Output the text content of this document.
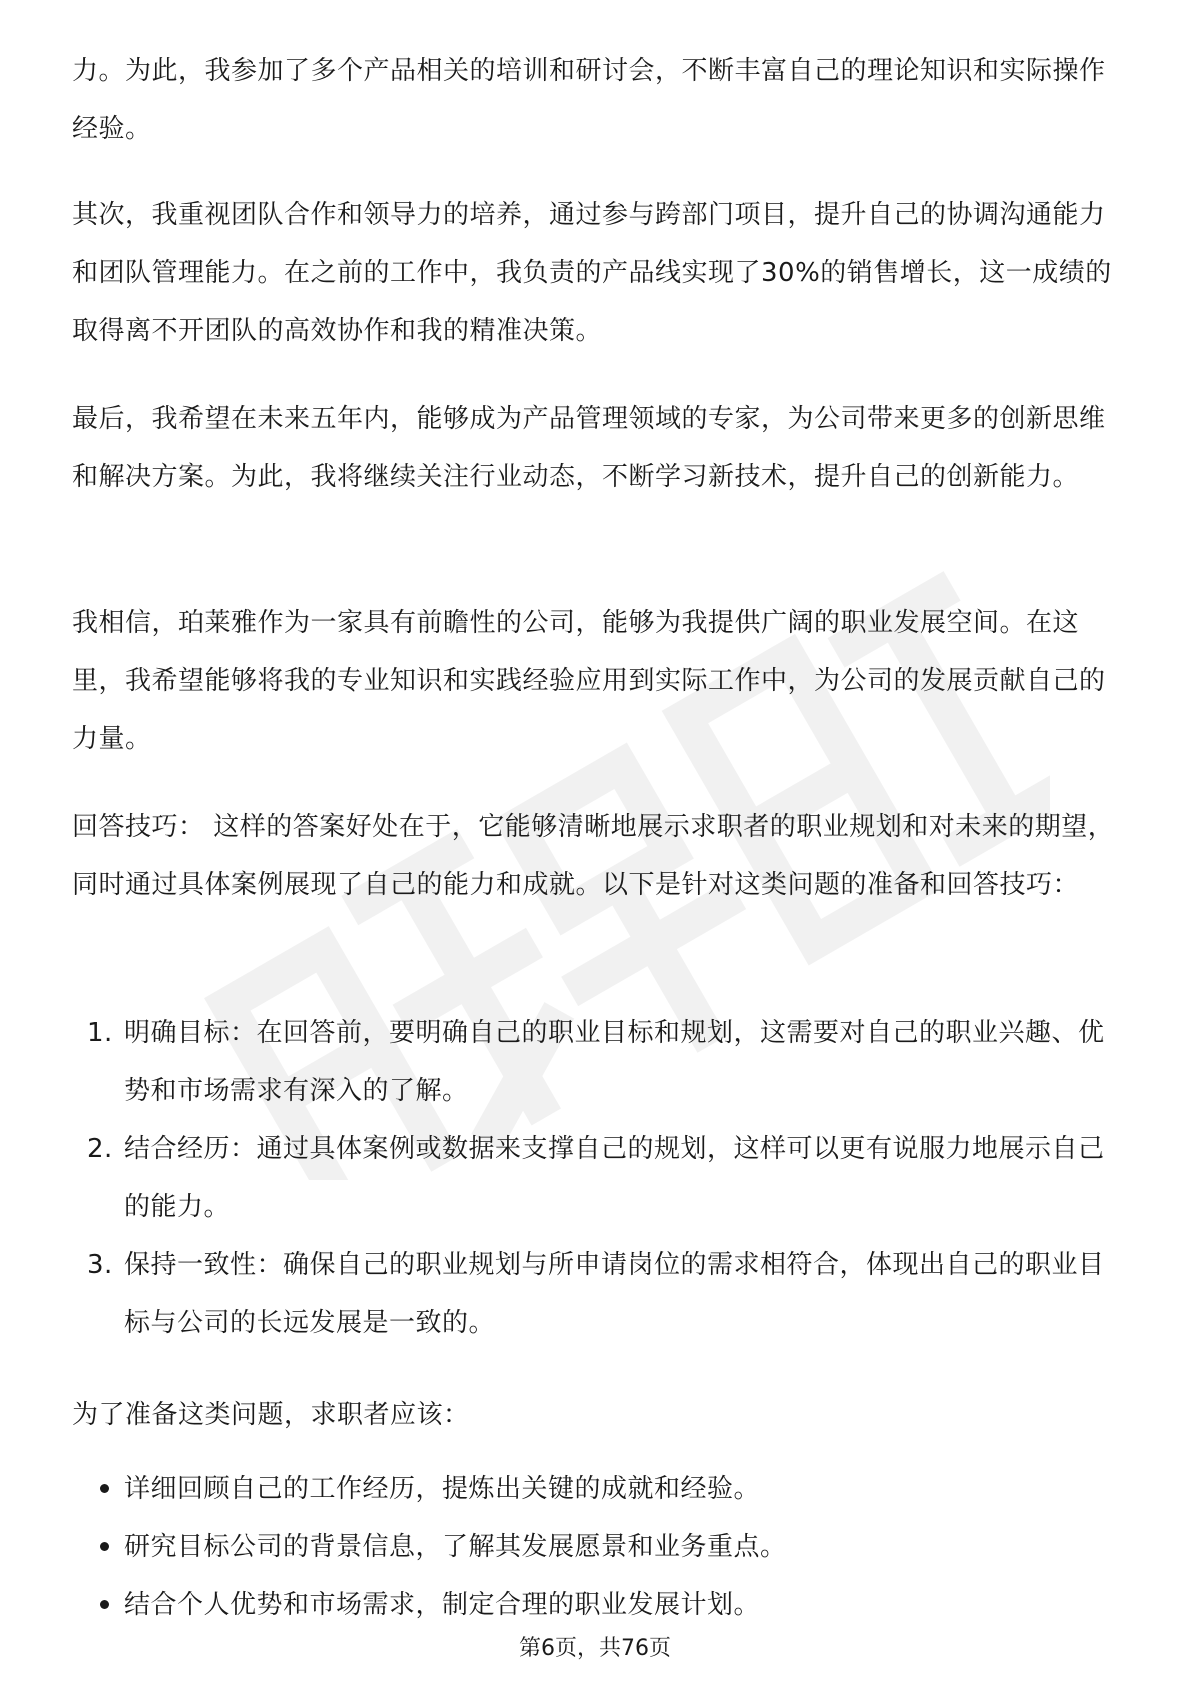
力。为此，我参加了多个产品相关的培训和研讨会，不断丰富自己的理论知识和实际操作经验。

其次，我重视团队合作和领导力的培养，通过参与跨部门项目，提升自己的协调沟通能力和团队管理能力。在之前的工作中，我负责的产品线实现了30%的销售增长，这一成绩的取得离不开团队的高效协作和我的精准决策。

最后，我希望在未来五年内，能够成为产品管理领域的专家，为公司带来更多的创新思维和解决方案。为此，我将继续关注行业动态，不断学习新技术，提升自己的创新能力。

我相信，珀莱雅作为一家具有前瞻性的公司，能够为我提供广阔的职业发展空间。在这里，我希望能够将我的专业知识和实践经验应用到实际工作中，为公司的发展贡献自己的力量。

回答技巧： 这样的答案好处在于，它能够清晰地展示求职者的职业规划和对未来的期望，同时通过具体案例展现了自己的能力和成就。以下是针对这类问题的准备和回答技巧：

1. 明确目标：在回答前，要明确自己的职业目标和规划，这需要对自己的职业兴趣、优势和市场需求有深入的了解。
2. 结合经历：通过具体案例或数据来支撑自己的规划，这样可以更有说服力地展示自己的能力。
3. 保持一致性：确保自己的职业规划与所申请岗位的需求相符合，体现出自己的职业目标与公司的长远发展是一致的。

为了准备这类问题，求职者应该：

详细回顾自己的工作经历，提炼出关键的成就和经验。
研究目标公司的背景信息，了解其发展愿景和业务重点。
结合个人优势和市场需求，制定合理的职业发展计划。
第6页，共76页
